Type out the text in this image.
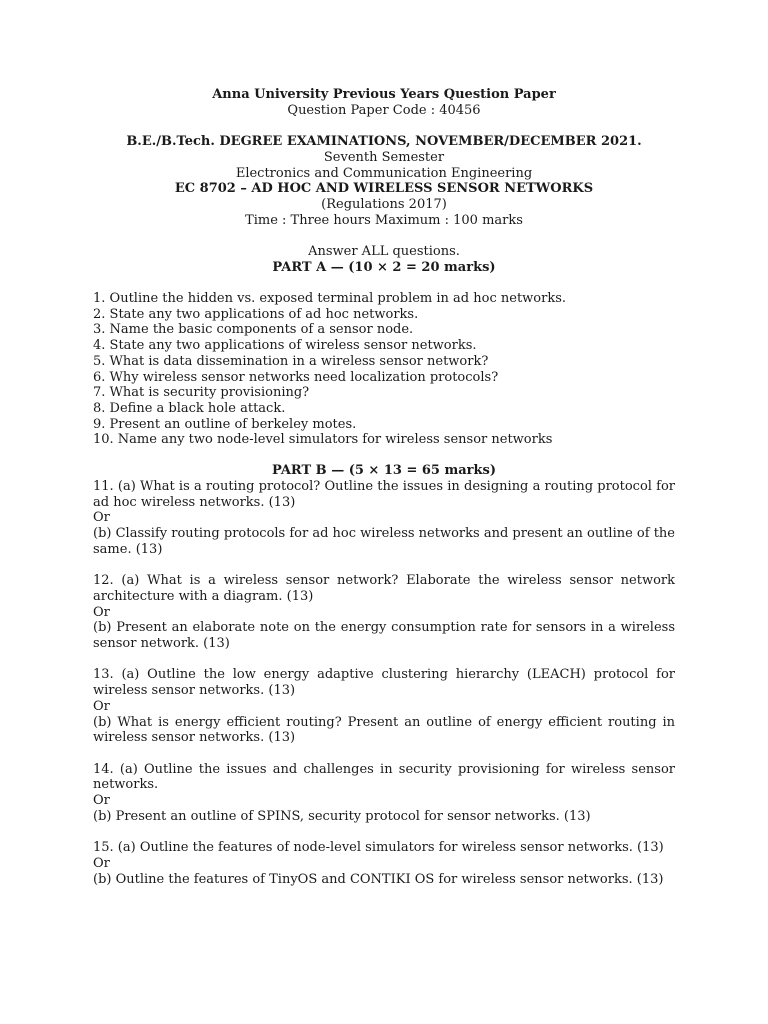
Anna University Previous Years Question Paper
Question Paper Code : 40456
B.E./B.Tech. DEGREE EXAMINATIONS, NOVEMBER/DECEMBER 2021.
Seventh Semester
Electronics and Communication Engineering
EC 8702 – AD HOC AND WIRELESS SENSOR NETWORKS
(Regulations 2017)
Time : Three hours Maximum : 100 marks
Answer ALL questions.
PART A — (10 × 2 = 20 marks)
1. Outline the hidden vs. exposed terminal problem in ad hoc networks.
2. State any two applications of ad hoc networks.
3. Name the basic components of a sensor node.
4. State any two applications of wireless sensor networks.
5. What is data dissemination in a wireless sensor network?
6. Why wireless sensor networks need localization protocols?
7. What is security provisioning?
8. Define a black hole attack.
9. Present an outline of berkeley motes.
10. Name any two node-level simulators for wireless sensor networks
PART B — (5 × 13 = 65 marks)
11. (a) What is a routing protocol? Outline the issues in designing a routing protocol for ad hoc wireless networks. (13)
Or
(b) Classify routing protocols for ad hoc wireless networks and present an outline of the same. (13)
12. (a) What is a wireless sensor network? Elaborate the wireless sensor network architecture with a diagram. (13)
Or
(b) Present an elaborate note on the energy consumption rate for sensors in a wireless sensor network. (13)
13. (a) Outline the low energy adaptive clustering hierarchy (LEACH) protocol for wireless sensor networks. (13)
Or
(b) What is energy efficient routing? Present an outline of energy efficient routing in wireless sensor networks. (13)
14. (a) Outline the issues and challenges in security provisioning for wireless sensor networks.
Or
(b) Present an outline of SPINS, security protocol for sensor networks. (13)
15. (a) Outline the features of node-level simulators for wireless sensor networks. (13)
Or
(b) Outline the features of TinyOS and CONTIKI OS for wireless sensor networks. (13)
